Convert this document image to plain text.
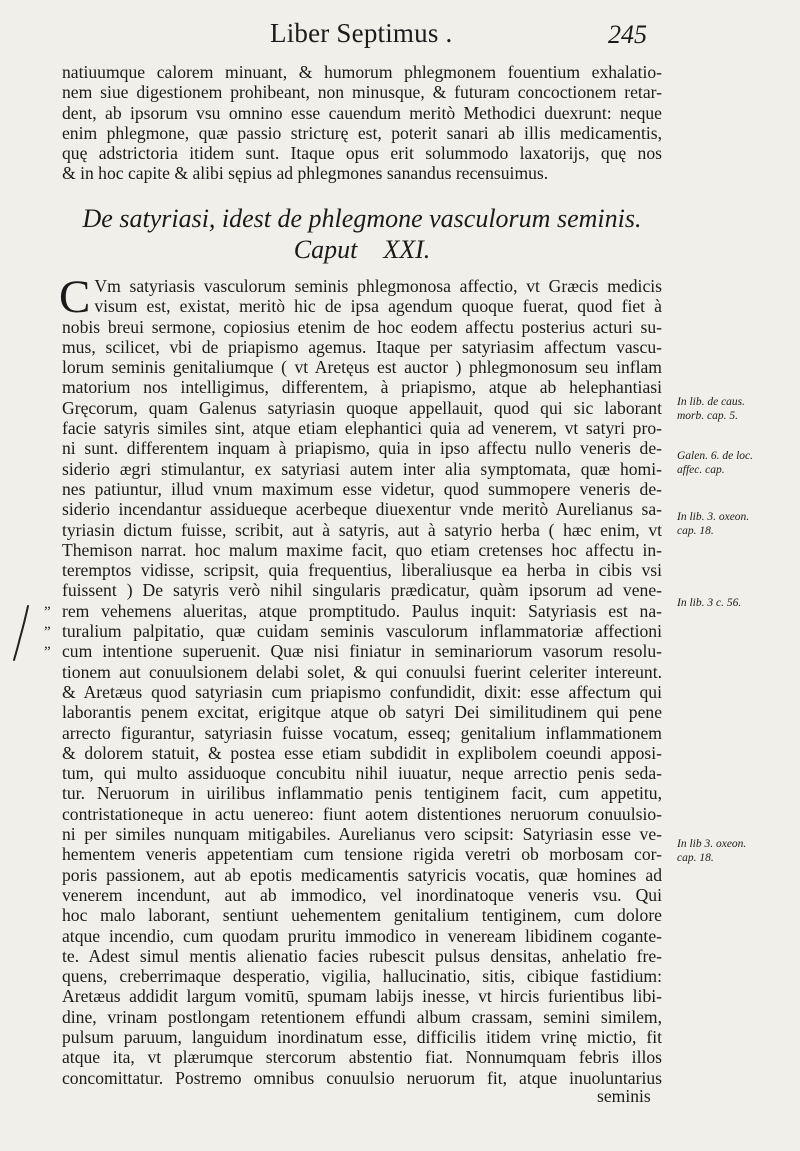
Liber Septimus .	245
natiuumque calorem minuant, & humorum phlegmonem fouentium exhalatio-
nem siue digestionem prohibeant, non minusque, & futuram concoctionem retar-
dent, ab ipsorum vsu omnino esse cauendum meritò Methodici duexrunt: neque
enim phlegmone, quæ passio stricturę est, poterit sanari ab illis medicamentis,
quę adstrictoria itidem sunt. Itaque opus erit solummodo laxatorijs, quę nos
& in hoc capite & alibi sępius ad phlegmones sanandus recensuimus.
De satyriasi, idest de phlegmone vasculorum seminis.
Caput    XXI.
C Vm satyriasis vasculorum seminis phlegmonosa affectio, vt Græcis medicis
visum est, existat, meritò hic de ipsa agendum quoque fuerat, quod fiet à
nobis breui sermone, copiosius etenim de hoc eodem affectu posterius acturi su-
mus, scilicet, vbi de priapismo agemus. Itaque per satyriasim affectum vascu-
lorum seminis genitaliumque ( vt Aretęus est auctor ) phlegmonosum seu inflam
matorium nos intelligimus, differentem, à priapismo, atque ab helephantiasi
Gręcorum, quam Galenus satyriasin quoque appellauit, quod qui sic laborant
facie satyris similes sint, atque etiam elephantici quia ad venerem, vt satyri pro-
ni sunt. differentem inquam à priapismo, quia in ipso affectu nullo veneris de-
siderio ægri stimulantur, ex satyriasi autem inter alia symptomata, quæ homi-
nes patiuntur, illud vnum maximum esse videtur, quod summopere veneris de-
siderio incendantur assidueque acerbeque diuexentur vnde meritò Aurelianus sa-
tyriasin dictum fuisse, scribit, aut à satyris, aut à satyrio herba ( hæc enim, vt
Themison narrat. hoc malum maxime facit, quo etiam cretenses hoc affectu in-
teremptos vidisse, scripsit, quia frequentius, liberaliusque ea herba in cibis vsi
fuissent ) De satyris verò nihil singularis prædicatur, quàm ipsorum ad vene-
rem vehemens alueritas, atque promptitudo. Paulus inquit: Satyriasis est na-
turalium palpitatio, quæ cuidam seminis vasculorum inflammatoriæ affectioni
cum intentione superuenit. Quæ nisi finiatur in seminariorum vasorum resolu-
tionem aut conuulsionem delabi solet, & qui conuulsi fuerint celeriter intereunt.
& Aretæus quod satyriasin cum priapismo confundidit, dixit: esse affectum qui
laborantis penem excitat, erigitque atque ob satyri Dei similitudinem qui pene
arrecto figurantur, satyriasin fuisse vocatum, esseq; genitalium inflammationem
& dolorem statuit, & postea esse etiam subdidit in explibolem coeundi apposi-
tum, qui multo assiduoque concubitu nihil iuuatur, neque arrectio penis seda-
tur. Neruorum in uirilibus inflammatio penis tentiginem facit, cum appetitu,
contristationeque in actu uenereo: fiunt aotem distentiones neruorum conuulsio-
ni per similes nunquam mitigabiles. Aurelianus vero scipsit: Satyriasin esse ve-
hementem veneris appetentiam cum tensione rigida veretri ob morbosam cor-
poris passionem, aut ab epotis medicamentis satyricis vocatis, quæ homines ad
venerem incendunt, aut ab immodico, vel inordinatoque veneris vsu. Qui
hoc malo laborant, sentiunt uehementem genitalium tentiginem, cum dolore
atque incendio, cum quodam pruritu immodico in veneream libidinem cogante-
te. Adest simul mentis alienatio facies rubescit pulsus densitas, anhelatio fre-
quens, creberrimaque desperatio, vigilia, hallucinatio, sitis, cibique fastidium:
Aretæus addidit largum vomitū, spumam labijs inesse, vt hircis furientibus libi-
dine, vrinam postlongam retentionem effundi album crassam, semini similem,
pulsum paruum, languidum inordinatum esse, difficilis itidem vrinę mictio, fit
atque ita, vt plærumque stercorum abstentio fiat. Nonnumquam febris illos
concomittatur. Postremo omnibus conuulsio neruorum fit, atque inuoluntarius
In lib. de caus.
morb. cap. 5.
Galen. 6. de loc.
affec. cap.
In lib. 3. oxeon.
cap. 18.
In lib. 3 c. 56.
In lib 3. oxeon.
cap. 18.
”
”
”
seminis
